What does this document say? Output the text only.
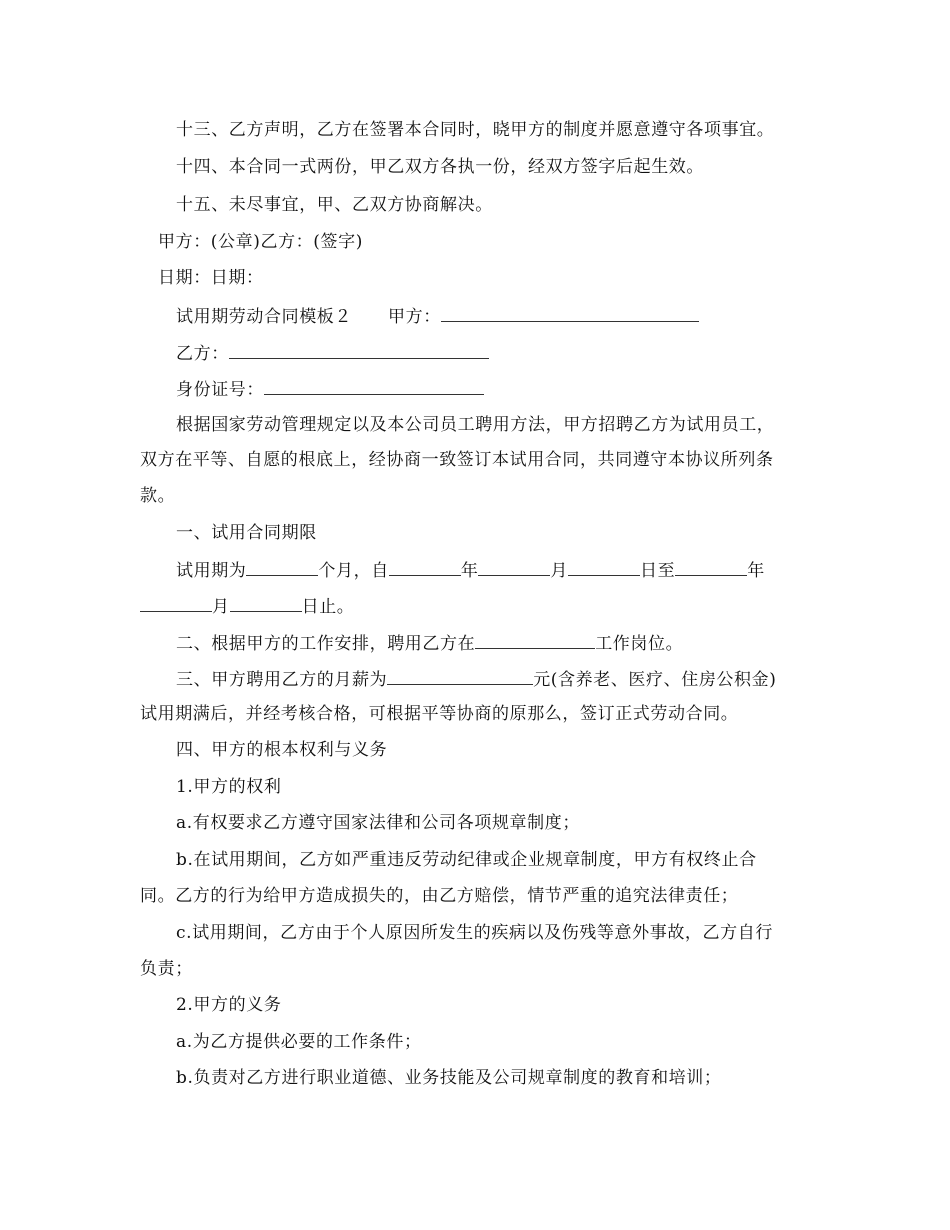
十三、乙方声明，乙方在签署本合同时，晓甲方的制度并愿意遵守各项事宜。
十四、本合同一式两份，甲乙双方各执一份，经双方签字后起生效。
十五、未尽事宜，甲、乙双方协商解决。
甲方：(公章)乙方：(签字)
日期：日期：
试用期劳动合同模板２ 甲方：
乙方：
身份证号：
根据国家劳动管理规定以及本公司员工聘用方法，甲方招聘乙方为试用员工，
双方在平等、自愿的根底上，经协商一致签订本试用合同，共同遵守本协议所列条
款。
一、试用合同期限
试用期为	个月，自	年	月	日至	年
月	日止。
二、根据甲方的工作安排，聘用乙方在	工作岗位。
三、甲方聘用乙方的月薪为	元(含养老、医疗、住房公积金)
试用期满后，并经考核合格，可根据平等协商的原那么，签订正式劳动合同。
四、甲方的根本权利与义务
1.甲方的权利
a.有权要求乙方遵守国家法律和公司各项规章制度；
b.在试用期间，乙方如严重违反劳动纪律或企业规章制度，甲方有权终止合
同。乙方的行为给甲方造成损失的，由乙方赔偿，情节严重的追究法律责任；
c.试用期间，乙方由于个人原因所发生的疾病以及伤残等意外事故，乙方自行
负责；
2.甲方的义务
a.为乙方提供必要的工作条件；
b.负责对乙方进行职业道德、业务技能及公司规章制度的教育和培训；
